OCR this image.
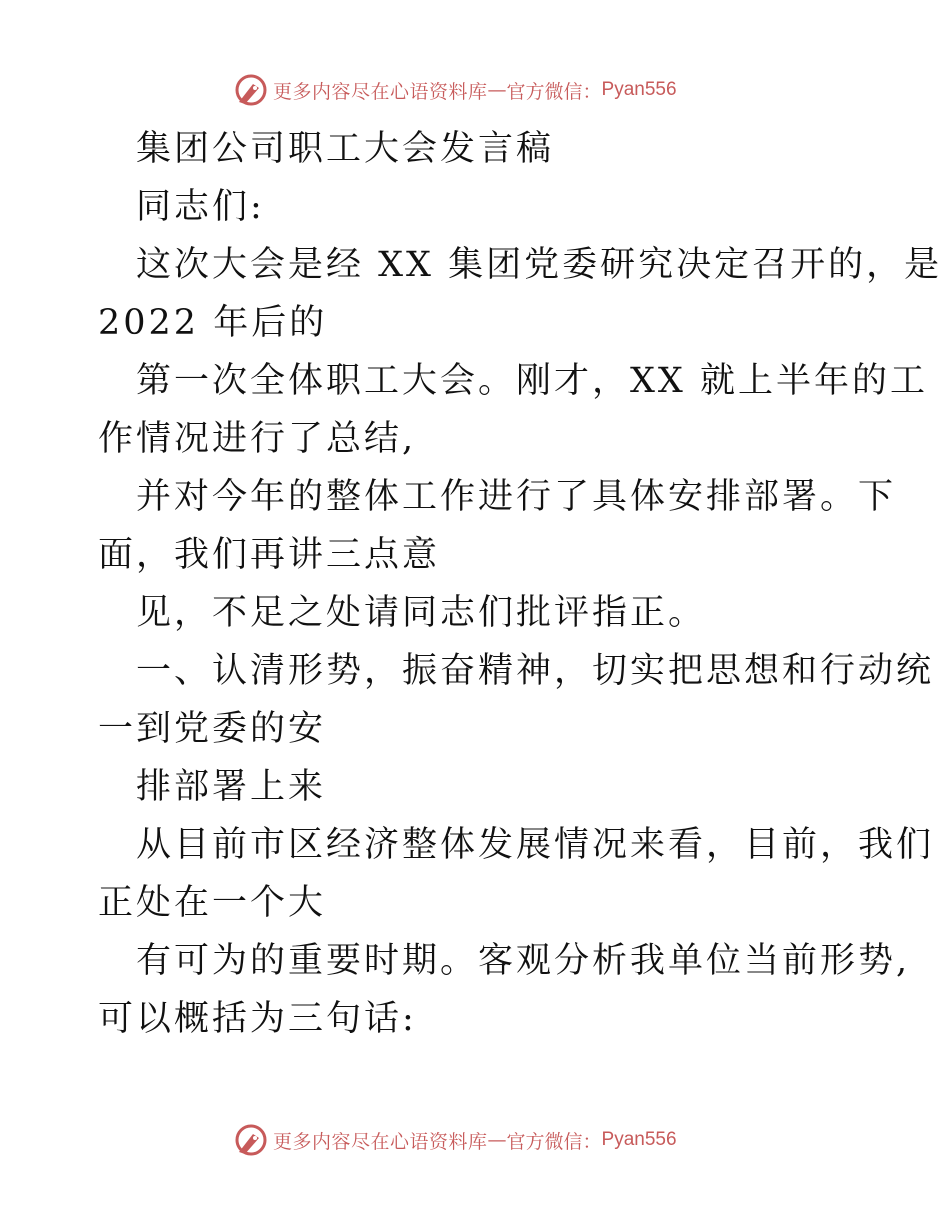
更多内容尽在心语资料库 — 官方微信： Pyan556

集团公司职工大会发言稿

同志们:

这次大会是经 XX 集团党委研究决定召开的，是

2022 年后的

第一次全体职工大会。刚才，XX 就上半年的工

作情况进行了总结,

并对今年的整体工作进行了具体安排部署。下

面，我们再讲三点意

见，不足之处请同志们批评指正。

一、认清形势，振奋精神，切实把思想和行动统

一到党委的安

排部署上来

从目前市区经济整体发展情况来看，目前，我们

正处在一个大

有可为的重要时期。客观分析我单位当前形势,

可以概括为三句话:

更多内容尽在心语资料库 — 官方微信： Pyan556
